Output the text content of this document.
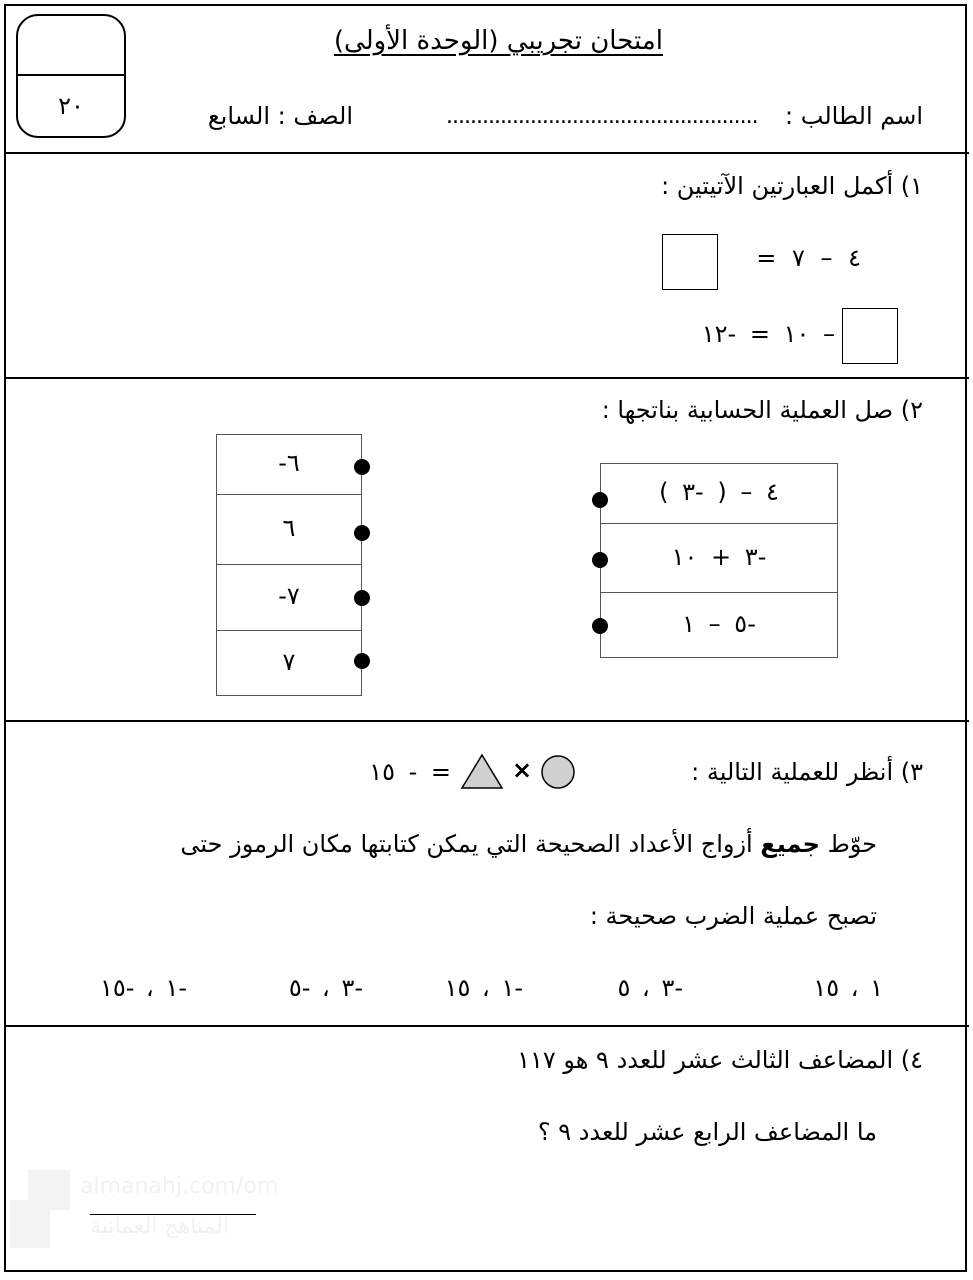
٢٠
امتحان تجريبي (الوحدة الأولى)
اسم الطالب :
....................................................
الصف : السابع
١) أكمل العبارتين الآتيتين :
٤ – ٧ =
– ١٠ = -١٢
٢) صل العملية الحسابية بناتجها :
-٦
٦
-٧
٧
٤ – ( -٣ )
-٣ + ١٠
-٥ – ١
٣) أنظر للعملية التالية :
×
= - ١٥
حوّط جميع أزواج الأعداد الصحيحة التي يمكن كتابتها مكان الرموز حتى
تصبح عملية الضرب صحيحة :
١ ، ١٥
-٣ ، ٥
-١ ، ١٥
-٣ ، -٥
-١ ، -١٥
٤) المضاعف الثالث عشر للعدد ٩ هو ١١٧
ما المضاعف الرابع عشر للعدد ٩ ؟
almanahj.com/om
المناهج العمانية
